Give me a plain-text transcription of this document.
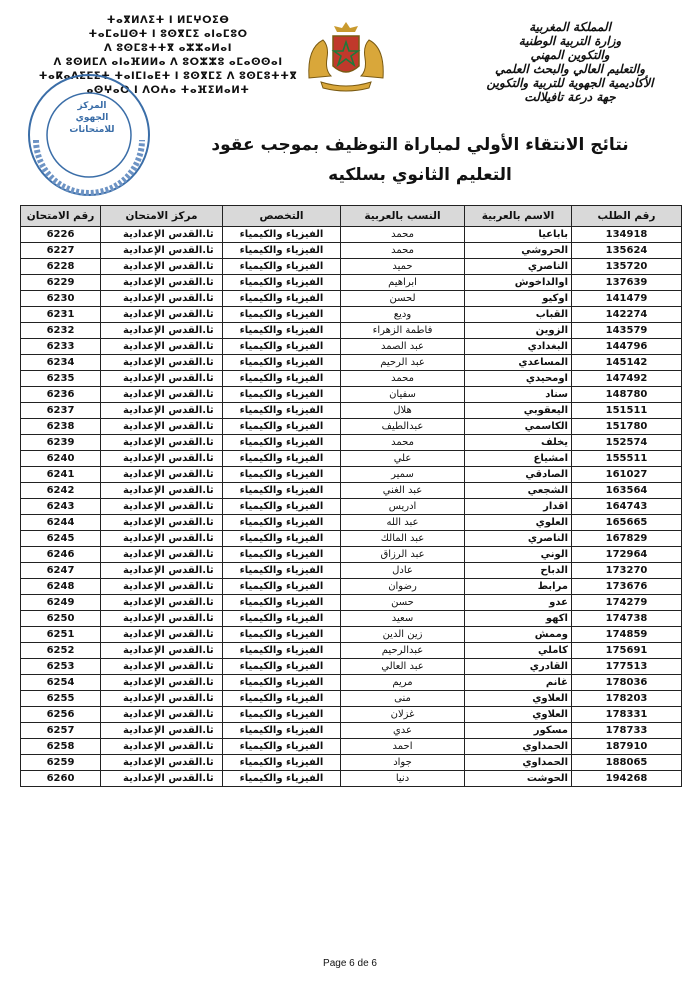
ⵜⴰⴳⵍⴷⵉⵜ ⵏ ⵍⵎⵖⵔⵉⴱ
ⵜⴰⵎⴰⵡⵙⵜ ⵏ ⵓⵙⴳⵎⵉ ⴰⵏⴰⵎⵓⵔ
ⴷ ⵓⵙⵎⵓⵜⵜⴳ ⴰⵣⵣⴰⵍⴰⵏ
ⴷ ⵓⵙⵍⵎⴷ ⴰⵏⴰⴼⵍⵍⴰ ⴷ ⵓⵔⵣⵣⵓ ⴰⵎⴰⵙⵙⴰⵏ
ⵜⴰⴽⴰⴷⵉⵎⵉⵜ ⵜⴰⵏⵎⵏⴰⴹⵜ ⵏ ⵓⵙⴳⵎⵉ ⴷ ⵓⵙⵎⵓⵜⵜⴳ
ⴰⵙⵖⴰⵔ ⵏ ⴷⵔⵄⴰ ⵜⴰⴼⵉⵍⴰⵍⵜ
المركز
الجهوي
للامتحانات
المملكة المغربية
وزارة التربية الوطنية
والتكوين المهني
والتعليم العالي والبحث العلمي
الأكاديمية الجهوية للتربية والتكوين
جهة درعة تافيلالت
نتائج الانتقاء الأولي لمباراة التوظيف بموجب عقود
التعليم الثانوي بسلكيه
رقم الامتحان	مركز الامتحان	التخصص	النسب بالعربية	الاسم بالعربية	رقم الطلب
6226	ثا.القدس الإعدادية	الفيزياء والكيمياء	محمد	باباعيا	134918
6227	ثا.القدس الإعدادية	الفيزياء والكيمياء	محمد	الحروشي	135624
6228	ثا.القدس الإعدادية	الفيزياء والكيمياء	حميد	الناصري	135720
6229	ثا.القدس الإعدادية	الفيزياء والكيمياء	ابراهيم	اوالداخوش	137639
6230	ثا.القدس الإعدادية	الفيزياء والكيمياء	لحسن	اوكيو	141479
6231	ثا.القدس الإعدادية	الفيزياء والكيمياء	وديع	القباب	142274
6232	ثا.القدس الإعدادية	الفيزياء والكيمياء	فاطمة الزهراء	الزوين	143579
6233	ثا.القدس الإعدادية	الفيزياء والكيمياء	عبد الصمد	البغدادي	144796
6234	ثا.القدس الإعدادية	الفيزياء والكيمياء	عبد الرحيم	المساعدي	145142
6235	ثا.القدس الإعدادية	الفيزياء والكيمياء	محمد	اومحيدي	147492
6236	ثا.القدس الإعدادية	الفيزياء والكيمياء	سفيان	سناد	148780
6237	ثا.القدس الإعدادية	الفيزياء والكيمياء	هلال	اليعقوبي	151511
6238	ثا.القدس الإعدادية	الفيزياء والكيمياء	عبدالطيف	الكاسمي	151780
6239	ثا.القدس الإعدادية	الفيزياء والكيمياء	محمد	يخلف	152574
6240	ثا.القدس الإعدادية	الفيزياء والكيمياء	علي	امشياع	155511
6241	ثا.القدس الإعدادية	الفيزياء والكيمياء	سمير	الصادقي	161027
6242	ثا.القدس الإعدادية	الفيزياء والكيمياء	عبد الغني	الشجعي	163564
6243	ثا.القدس الإعدادية	الفيزياء والكيمياء	ادريس	اقدار	164743
6244	ثا.القدس الإعدادية	الفيزياء والكيمياء	عبد الله	العلوي	165665
6245	ثا.القدس الإعدادية	الفيزياء والكيمياء	عبد المالك	الناصري	167829
6246	ثا.القدس الإعدادية	الفيزياء والكيمياء	عبد الرزاق	الوني	172964
6247	ثا.القدس الإعدادية	الفيزياء والكيمياء	عادل	الدباح	173270
6248	ثا.القدس الإعدادية	الفيزياء والكيمياء	رضوان	مرابط	173676
6249	ثا.القدس الإعدادية	الفيزياء والكيمياء	حسن	عدو	174279
6250	ثا.القدس الإعدادية	الفيزياء والكيمياء	سعيد	اكهو	174738
6251	ثا.القدس الإعدادية	الفيزياء والكيمياء	زين الدين	وممش	174859
6252	ثا.القدس الإعدادية	الفيزياء والكيمياء	عبدالرحيم	كاملي	175691
6253	ثا.القدس الإعدادية	الفيزياء والكيمياء	عبد العالي	القادري	177513
6254	ثا.القدس الإعدادية	الفيزياء والكيمياء	مريم	غانم	178036
6255	ثا.القدس الإعدادية	الفيزياء والكيمياء	منى	العلاوي	178203
6256	ثا.القدس الإعدادية	الفيزياء والكيمياء	غزلان	العلاوي	178331
6257	ثا.القدس الإعدادية	الفيزياء والكيمياء	عدي	مسكور	178733
6258	ثا.القدس الإعدادية	الفيزياء والكيمياء	احمد	الحمداوي	187910
6259	ثا.القدس الإعدادية	الفيزياء والكيمياء	جواد	الحمداوي	188065
6260	ثا.القدس الإعدادية	الفيزياء والكيمياء	دنيا	الحوشت	194268
Page 6 de 6
